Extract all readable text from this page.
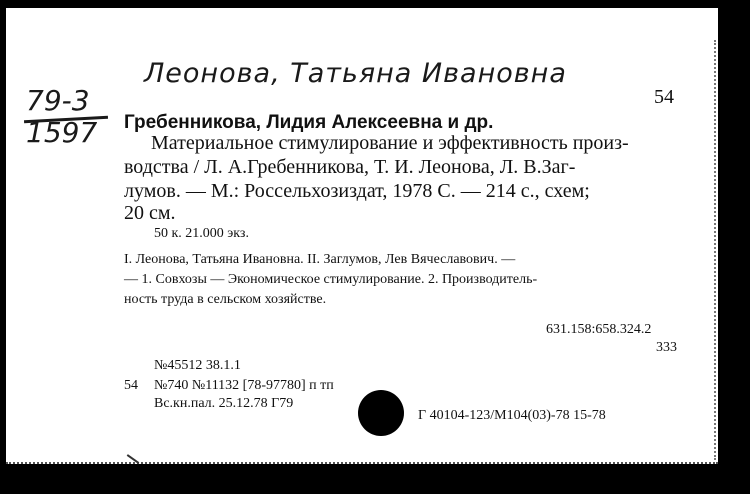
Леонова, Татьяна Ивановна
79-3
1597
54
Гребенникова, Лидия Алексеевна и др.
Материальное стимулирование и эффективность произ-
водства / Л. А.Гребенникова, Т. И. Леонова, Л. В.Заг-
лумов. — М.: Россельхозиздат, 1978 С. — 214 с., схем;
20 см.
50 к. 21.000 экз.
I. Леонова, Татьяна Ивановна. II. Заглумов, Лев Вячеславович. —
— 1. Совхозы — Экономическое стимулирование. 2. Производитель-
ность труда в сельском хозяйстве.
631.158:658.324.2
333
№45512 38.1.1
54 №740 №11132 [78-97780] п тп
Вс.кн.пал. 25.12.78 Г79
Г 40104-123/М104(03)-78 15-78
